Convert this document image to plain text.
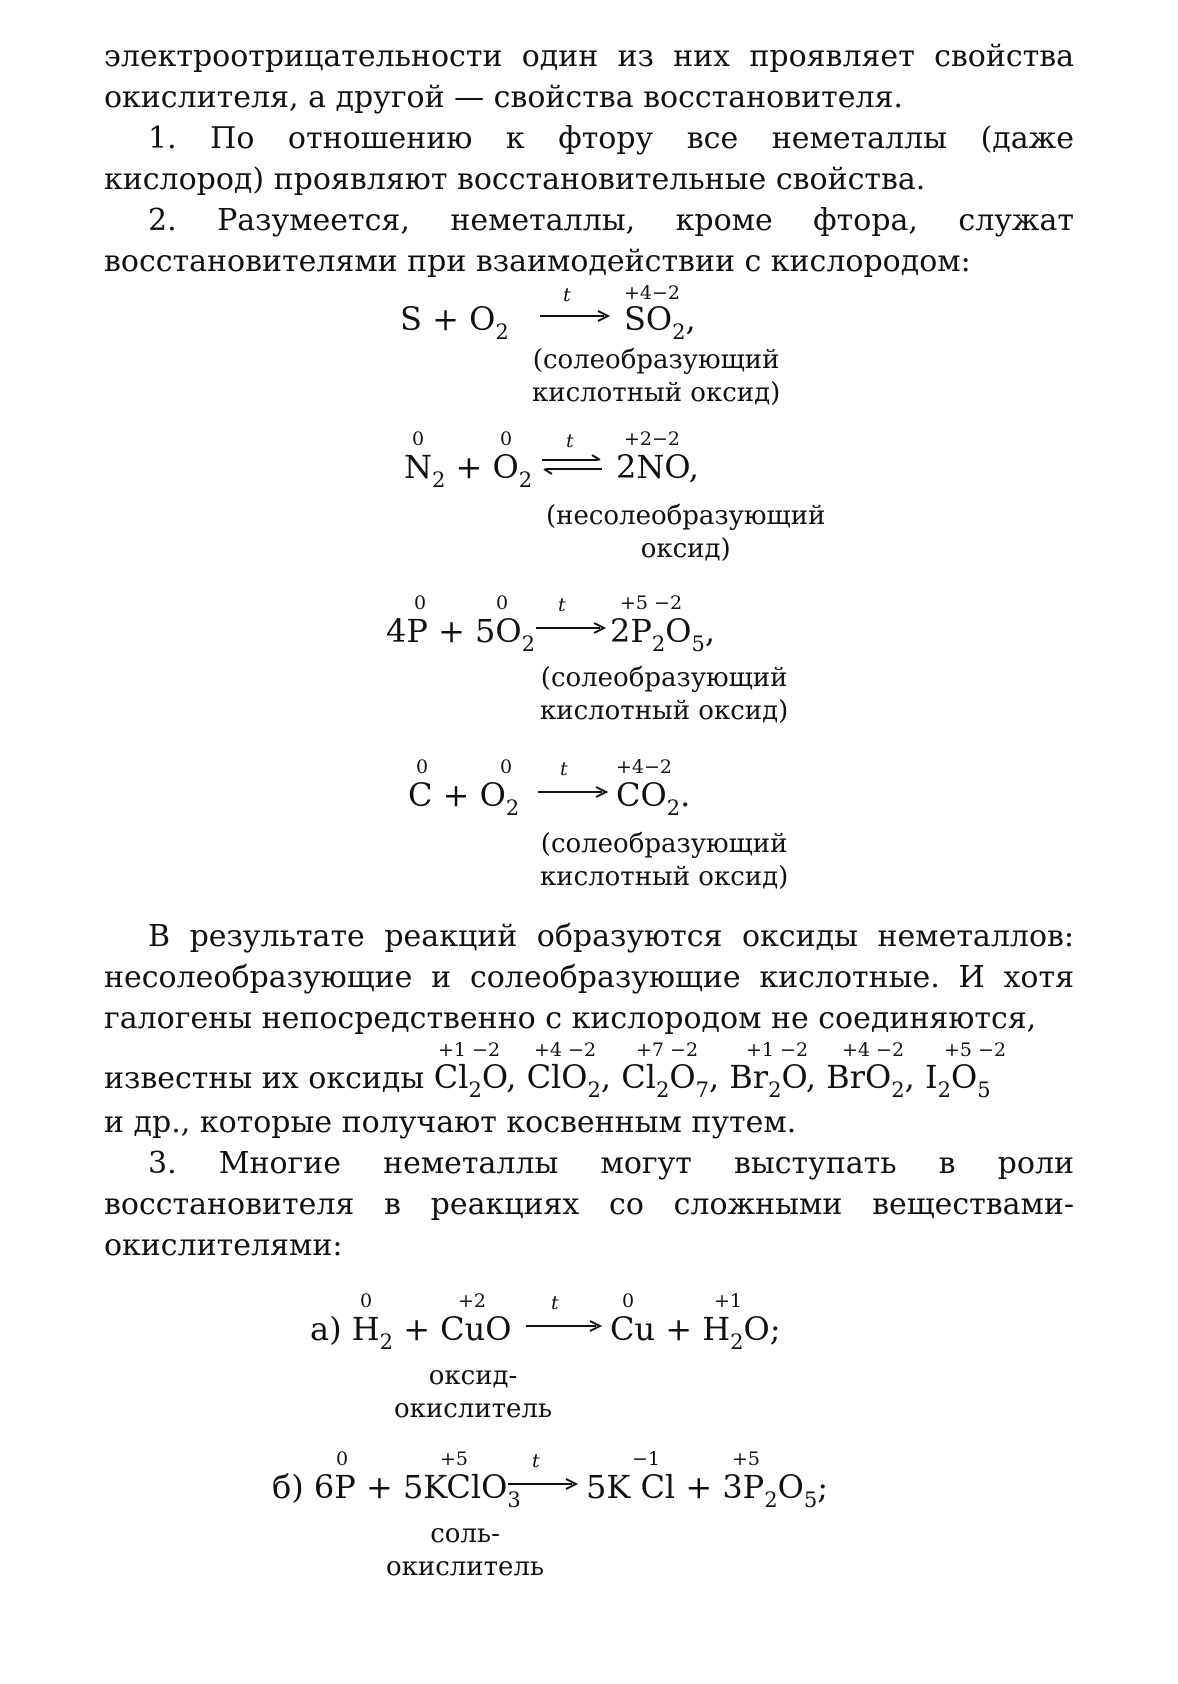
электроотрицательности один из них проявляет свойства окислителя, а другой — свойства восстановителя.

1. По отношению к фтору все неметаллы (даже кислород) проявляют восстановительные свойства.

2. Разумеется, неметаллы, кроме фтора, служат восстановителями при взаимодействии с кислородом:

+4−2
$S + O_2$
t
$SO_2$,
(солеобразующий
кислотный оксид)
0	0	+2−2
$N_2 + O_2$
t
⇌ 2NO,
(несолеобразующий
оксид)
0	0	+5 −2
$4P + 5O_2$
t
$2P_2O_5$,
(солеобразующий
кислотный оксид)
0	0	+4−2
$C + O_2$
t
$CO_2$.
(солеобразующий
кислотный оксид)

В результате реакций образуются оксиды неметаллов: несолеобразующие и солеобразующие кислотные. И хотя галогены непосредственно с кислородом не соединяются,

+1 −2 +4 −2 +7 −2	+1 −2 +4 −2 +5 −2
известны их оксиды $Cl_2O$, ClO$_2$, $Cl_2O_7$, $Br_2O$, BrO$_2$, $I_2O_5$

и др., которые получают косвенным путем.

3. Многие неметаллы могут выступать в роли восстановителя в реакциях со сложными веществами-окислителями:

0	+2	0	+1
а) $H_2$ + CuO
t
$Cu + H_2O$;
оксид-
окислитель
0	+5	−1	+5
б) 6P + 5KClO$_3$
t
5K $Cl + 3P_2O_5$;
соль-
окислитель
